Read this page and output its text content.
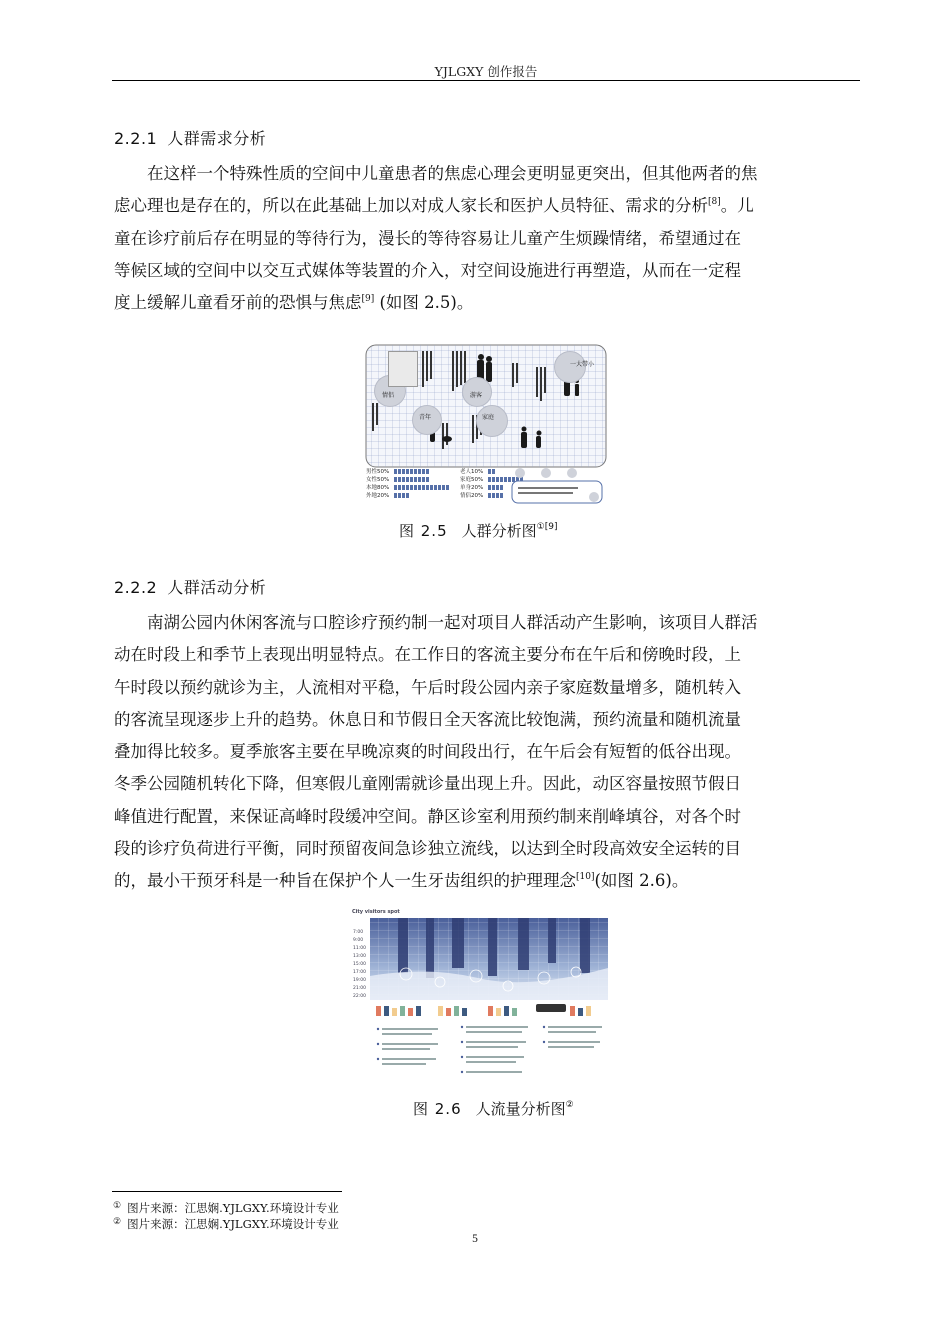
YJLGXY 创作报告
2.2.1 人群需求分析
在这样一个特殊性质的空间中儿童患者的焦虑心理会更明显更突出，但其他两者的焦
虑心理也是存在的，所以在此基础上加以对成人家长和医护人员特征、需求的分析[8]。儿
童在诊疗前后存在明显的等待行为，漫长的等待容易让儿童产生烦躁情绪，希望通过在
等候区域的空间中以交互式媒体等装置的介入，对空间设施进行再塑造，从而在一定程
度上缓解儿童看牙前的恐惧与焦虑[9] (如图 2.5)。
情侣	游客
一大带小
青年	家庭
男性50%
女性50%
本地80%
外地20%
老人10%
家庭50%
单身20%
情侣20%
图 2.5 人群分析图$^{①[9]}$
2.2.2 人群活动分析
南湖公园内休闲客流与口腔诊疗预约制一起对项目人群活动产生影响，该项目人群活
动在时段上和季节上表现出明显特点。在工作日的客流主要分布在午后和傍晚时段，上
午时段以预约就诊为主，人流相对平稳，午后时段公园内亲子家庭数量增多，随机转入
的客流呈现逐步上升的趋势。休息日和节假日全天客流比较饱满，预约流量和随机流量
叠加得比较多。夏季旅客主要在早晚凉爽的时间段出行，在午后会有短暂的低谷出现。
冬季公园随机转化下降，但寒假儿童刚需就诊量出现上升。因此，动区容量按照节假日
峰值进行配置，来保证高峰时段缓冲空间。静区诊室利用预约制来削峰填谷，对各个时
段的诊疗负荷进行平衡，同时预留夜间急诊独立流线，以达到全时段高效安全运转的目
的，最小干预牙科是一种旨在保护个人一生牙齿组织的护理理念[10](如图 2.6)。
City visitors spot
7:00
9:00
11:00
13:00
15:00
17:00
19:00
21:00
22:00
图 2.6 人流量分析图②
① 图片来源：江思娴.YJLGXY.环境设计专业
② 图片来源：江思娴.YJLGXY.环境设计专业
5
